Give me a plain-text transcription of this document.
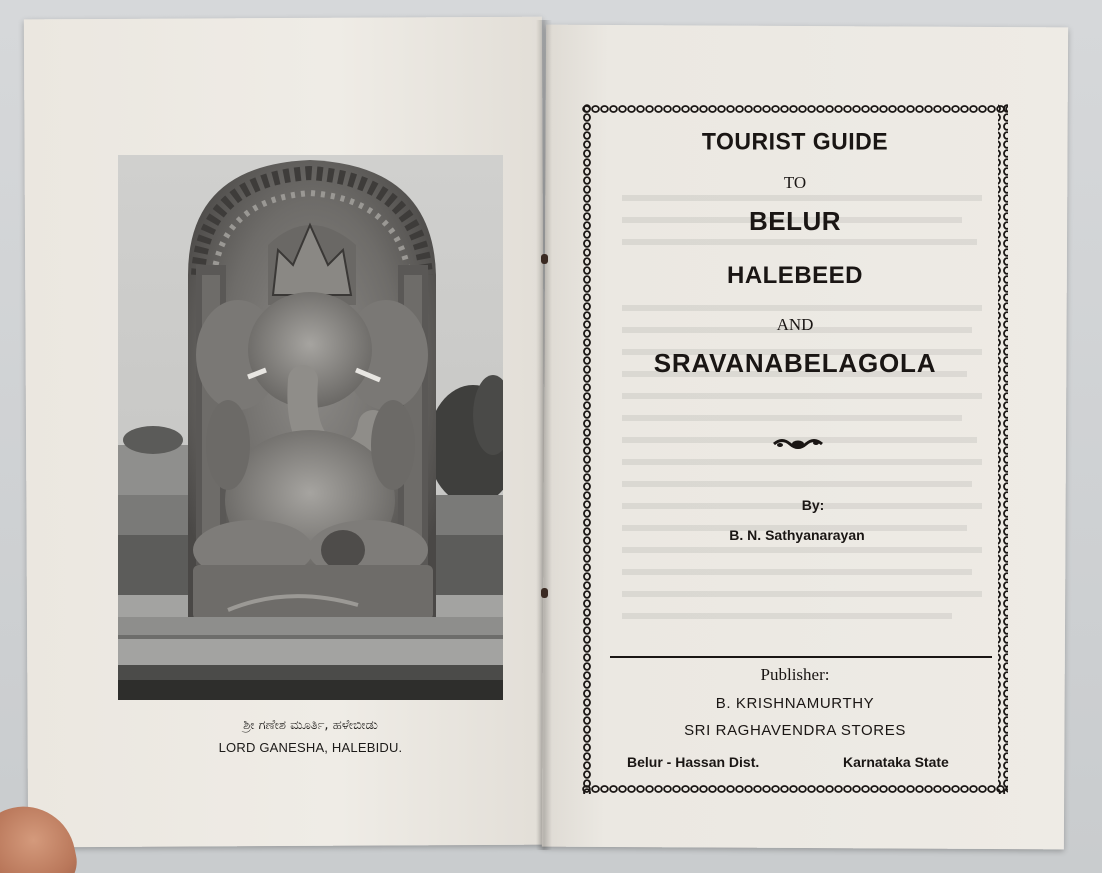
ಶ್ರೀ ಗಣೇಶ ಮೂರ್ತಿ, ಹಳೇಬೀಡು
LORD GANESHA, HALEBIDU.
TOURIST GUIDE
TO
BELUR
HALEBEED
AND
SRAVANABELAGOLA
By:
B. N. Sathyanarayan
Publisher:
B. KRISHNAMURTHY
SRI RAGHAVENDRA STORES
Belur - Hassan Dist.	Karnataka State
